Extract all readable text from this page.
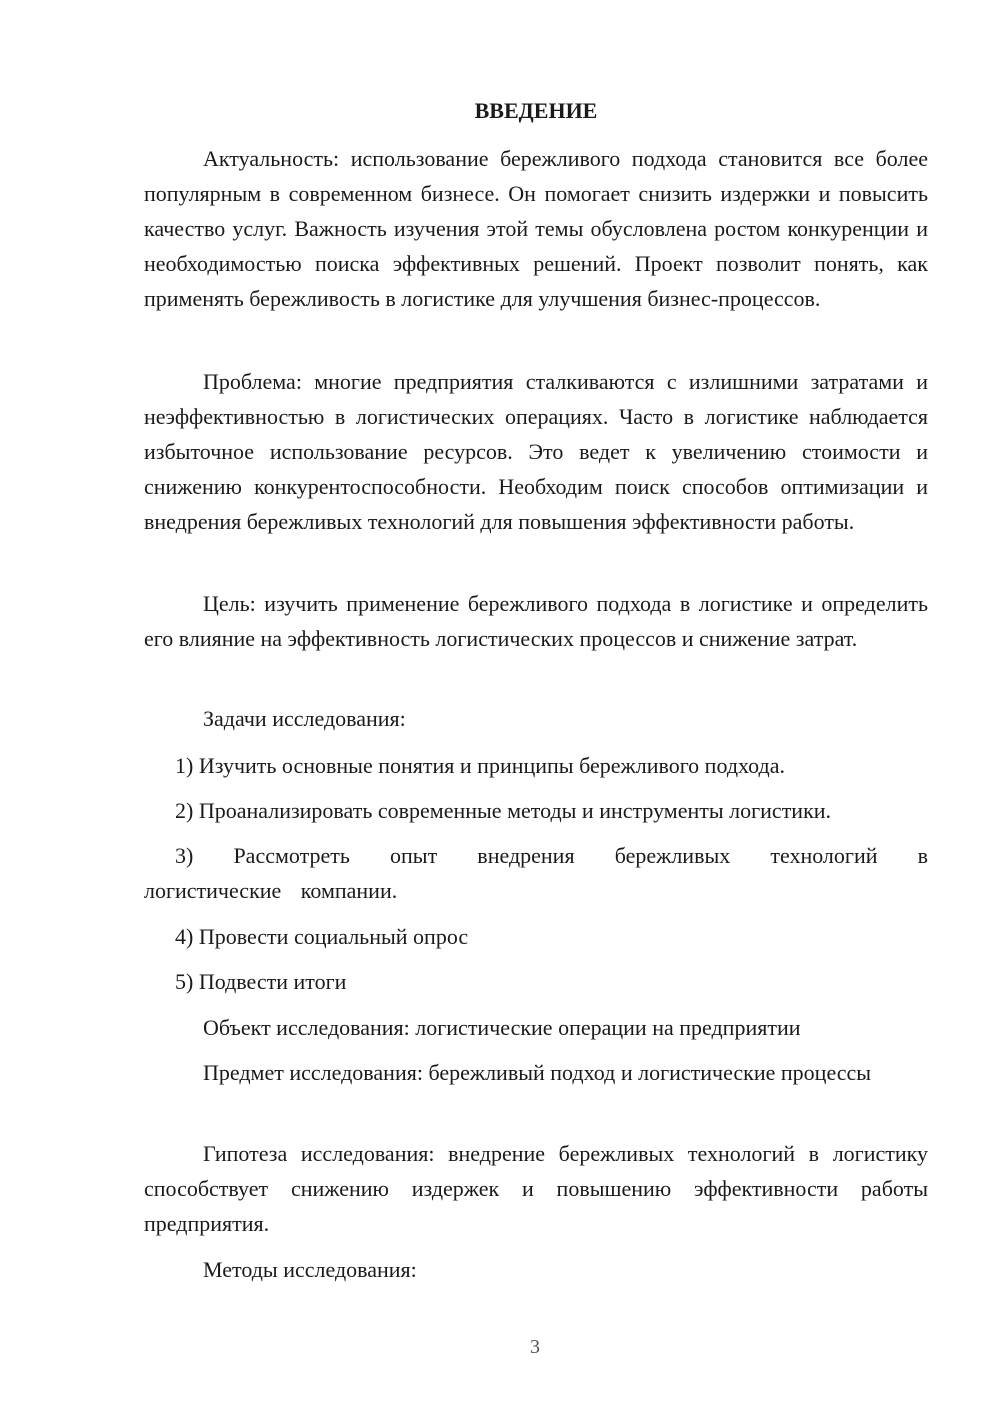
ВВЕДЕНИЕ

Актуальность: использование бережливого подхода становится все более популярным в современном бизнесе. Он помогает снизить издержки и повысить качество услуг. Важность изучения этой темы обусловлена ростом конкуренции и необходимостью поиска эффективных решений. Проект позволит понять, как применять бережливость в логистике для улучшения бизнес-процессов.

Проблема: многие предприятия сталкиваются с излишними затратами и неэффективностью в логистических операциях. Часто в логистике наблюдается избыточное использование ресурсов. Это ведет к увеличению стоимости и снижению конкурентоспособности. Необходим поиск способов оптимизации и внедрения бережливых технологий для повышения эффективности работы.

Цель: изучить применение бережливого подхода в логистике и определить его влияние на эффективность логистических процессов и снижение затрат.

Задачи исследования:

1) Изучить основные понятия и принципы бережливого подхода.

2) Проанализировать современные методы и инструменты логистики.

3) Рассмотреть опыт внедрения бережливых технологий в логистические компании.

4) Провести социальный опрос

5) Подвести итоги

Объект исследования: логистические операции на предприятии

Предмет исследования: бережливый подход и логистические процессы

Гипотеза исследования: внедрение бережливых технологий в логистику способствует снижению издержек и повышению эффективности работы предприятия.

Методы исследования:

3
